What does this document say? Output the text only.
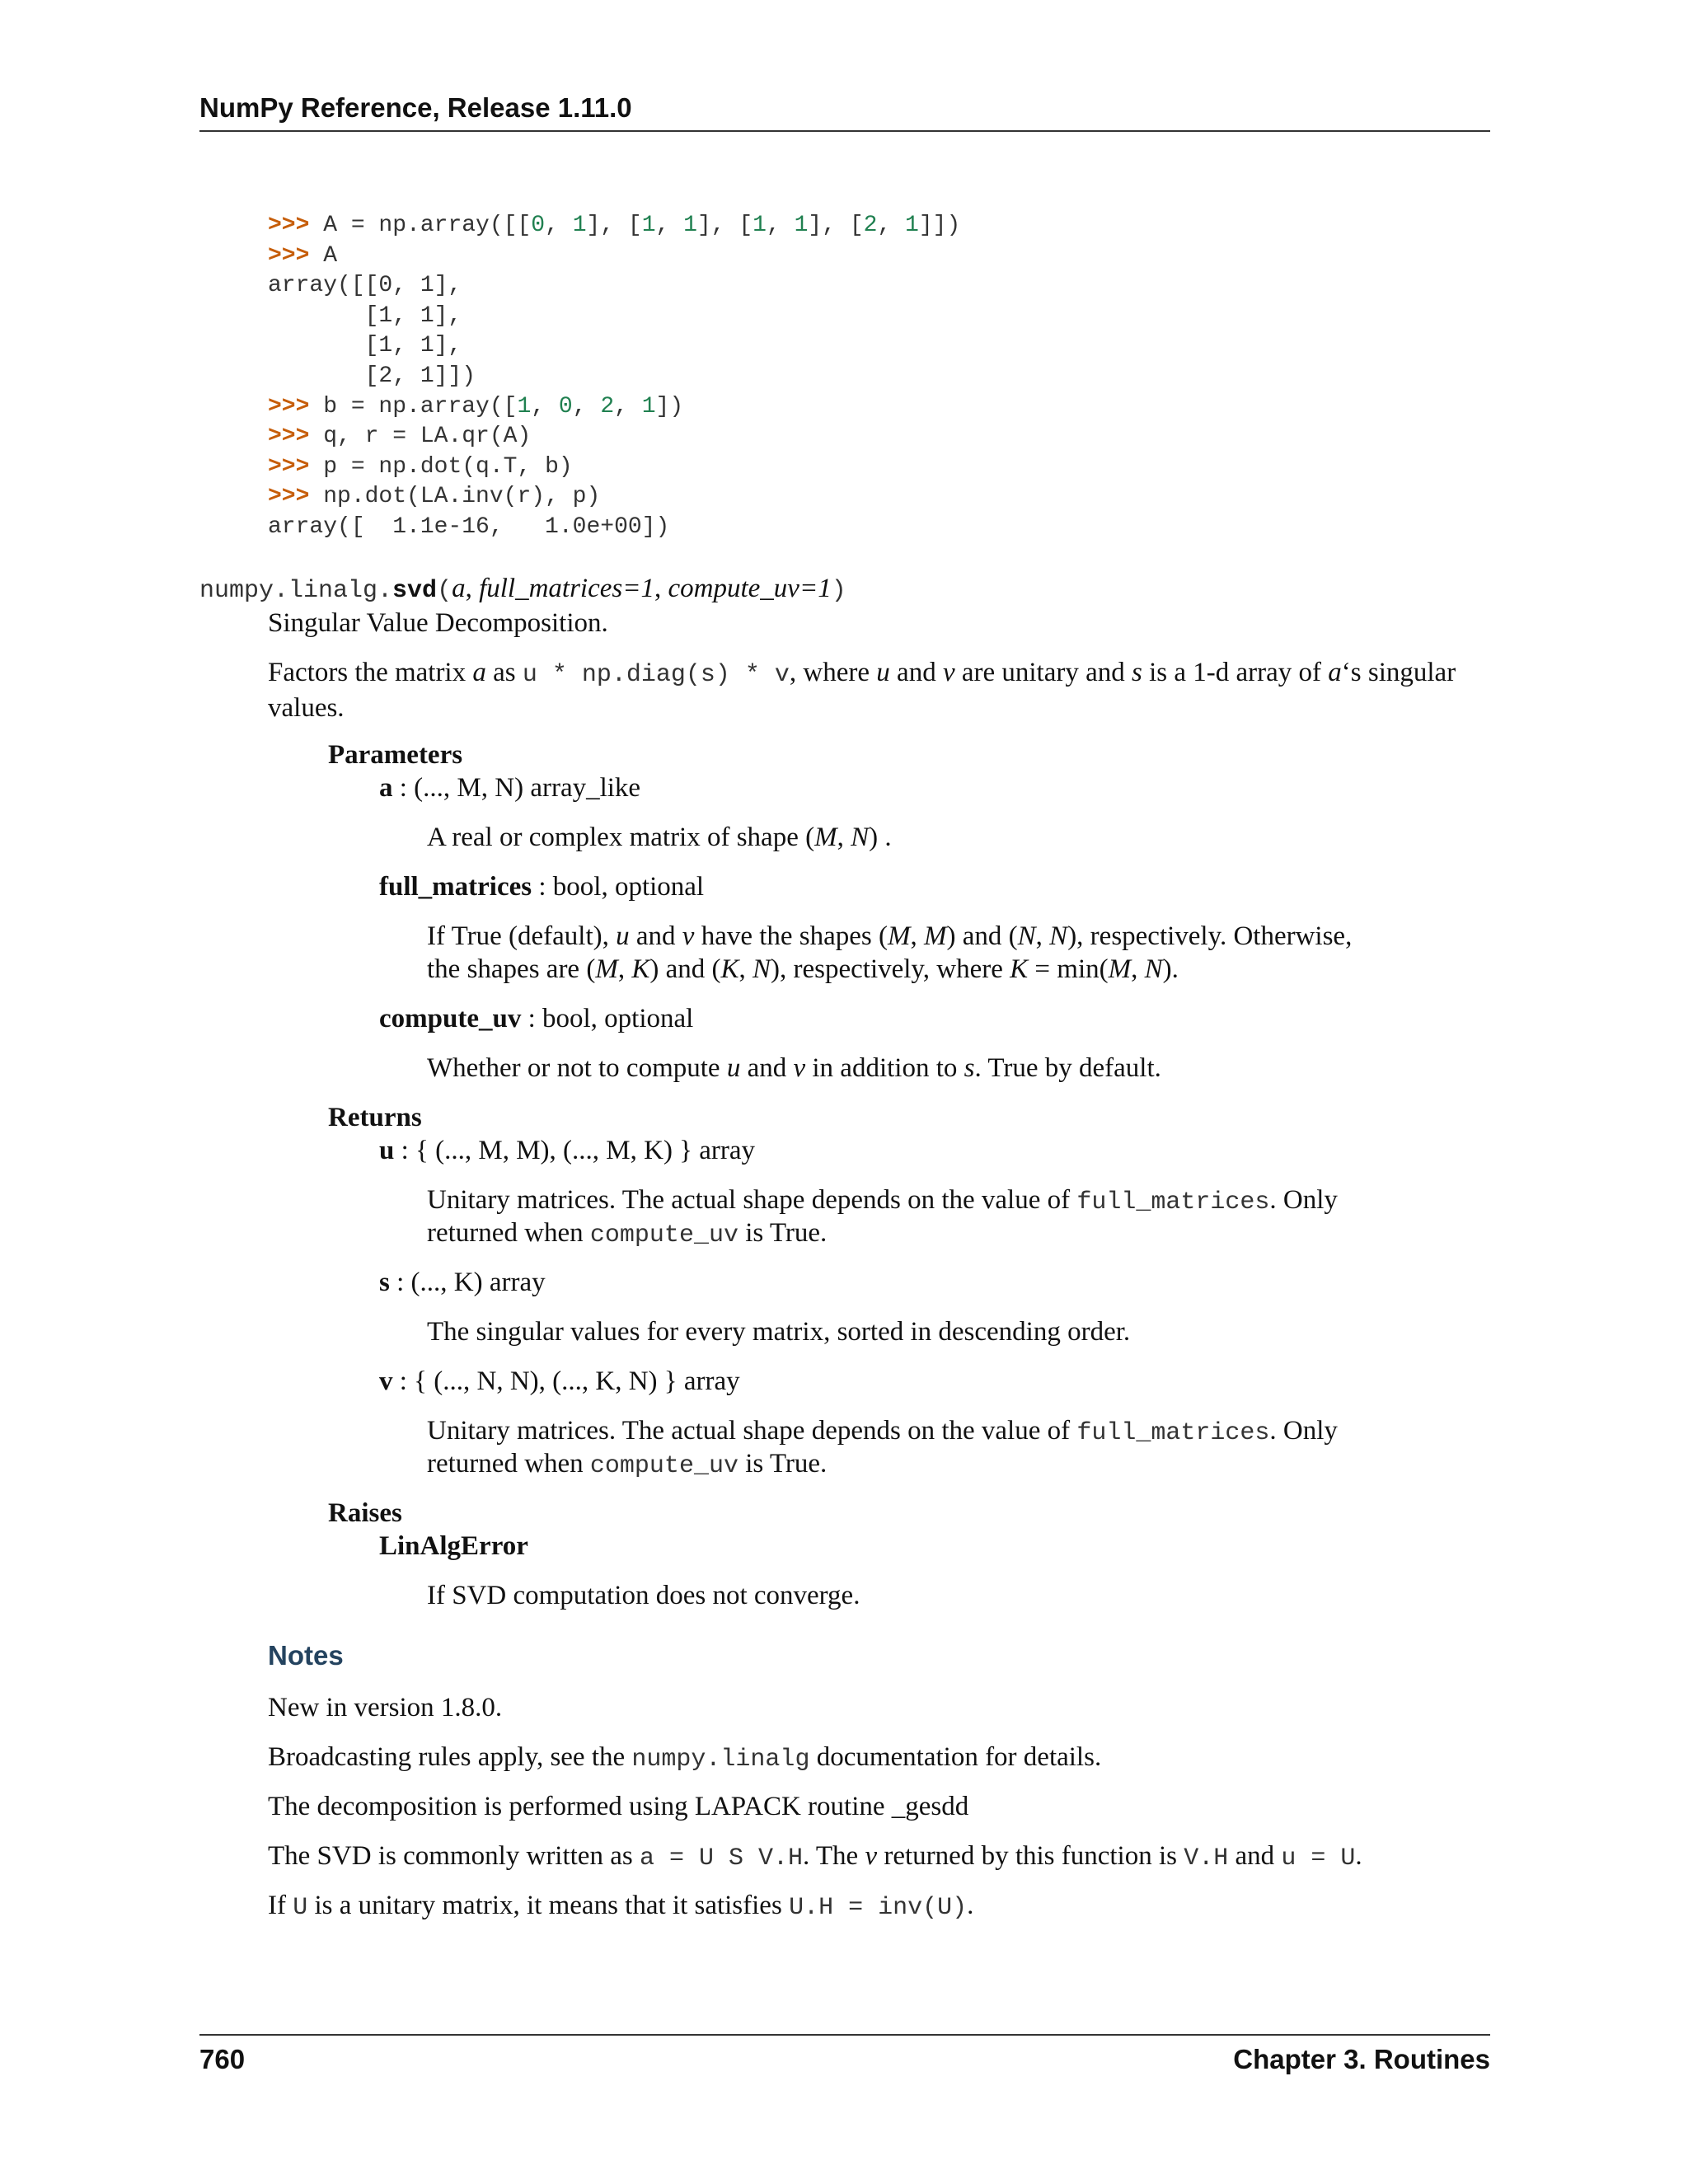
NumPy Reference, Release 1.11.0
>>> A = np.array([[0, 1], [1, 1], [1, 1], [2, 1]])
>>> A
array([[0, 1],
[1, 1],
[1, 1],
[2, 1]])
>>> b = np.array([1, 0, 2, 1])
>>> q, r = LA.qr(A)
>>> p = np.dot(q.T, b)
>>> np.dot(LA.inv(r), p)
array([  1.1e-16,   1.0e+00])
numpy.linalg.svd(a, full_matrices=1, compute_uv=1)
Singular Value Decomposition.
Factors the matrix a as u * np.diag(s) * v, where u and v are unitary and s is a 1-d array of a‘s singular values.
Parameters
a : (..., M, N) array_like
A real or complex matrix of shape (M, N) .
full_matrices : bool, optional
If True (default), u and v have the shapes (M, M) and (N, N), respectively. Otherwise,
the shapes are (M, K) and (K, N), respectively, where K = min(M, N).
compute_uv : bool, optional
Whether or not to compute u and v in addition to s. True by default.
Returns
u : { (..., M, M), (..., M, K) } array
Unitary matrices. The actual shape depends on the value of full_matrices. Only
returned when compute_uv is True.
s : (..., K) array
The singular values for every matrix, sorted in descending order.
v : { (..., N, N), (..., K, N) } array
Unitary matrices. The actual shape depends on the value of full_matrices. Only
returned when compute_uv is True.
Raises
LinAlgError
If SVD computation does not converge.
Notes
New in version 1.8.0.
Broadcasting rules apply, see the numpy.linalg documentation for details.
The decomposition is performed using LAPACK routine _gesdd
The SVD is commonly written as a = U S V.H. The v returned by this function is V.H and u = U.
If U is a unitary matrix, it means that it satisfies U.H = inv(U).
760	Chapter 3. Routines
